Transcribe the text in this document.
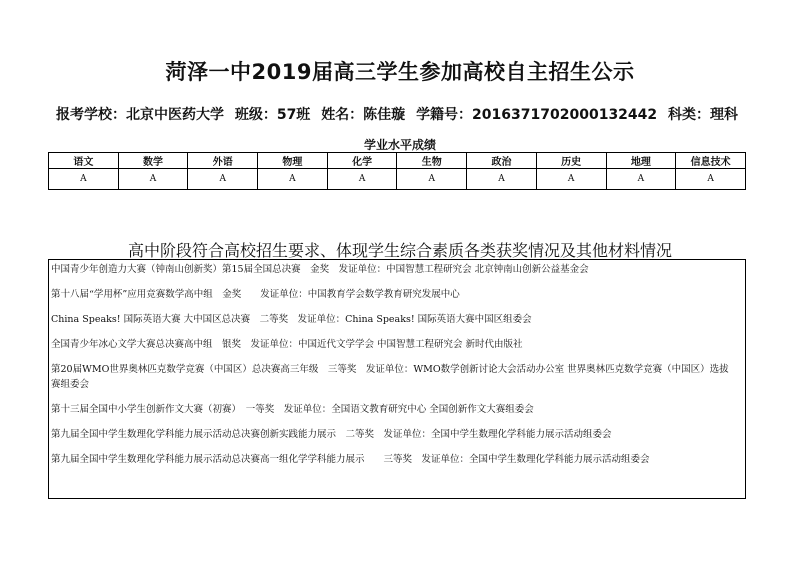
菏泽一中2019届高三学生参加高校自主招生公示
报考学校：北京中医药大学 班级：57班 姓名：陈佳璇 学籍号：201637170200013244​2 科类：理科
学业水平成绩
语文	数学	外语	物理	化学	生物	政治	历史	地理	信息技术
A	A	A	A	A	A	A	A	A	A
高中阶段符合高校招生要求、体现学生综合素质各类获奖情况及其他材料情况
中国青少年创造力大赛（钟南山创新奖）第15届全国总决赛　金奖　发证单位：中国智慧工程研究会 北京钟南山创新公益基金会
第十八届“学用杯”应用竞赛数学高中组　金奖　　发证单位：中国教育学会数学教育研究发展中心
China Speaks! 国际英语大赛 大中国区总决赛　二等奖　发证单位：China Speaks! 国际英语大赛中国区组委会
全国青少年冰心文学大赛总决赛高中组　银奖　发证单位：中国近代文学学会 中国智慧工程研究会 新时代由版社
第20届WMO世界奥林匹克数学竞赛（中国区）总决赛高三年级　三等奖　发证单位：WMO数学创新讨论大会活动办公室 世界奥林匹克数学竞赛（中国区）选拔赛组委会
第十三届全国中小学生创新作文大赛（初赛）　一等奖　发证单位：全国语文教育研究中心 全国创新作文大赛组委会
第九届全国中学生数理化学科能力展示活动总决赛创新实践能力展示　二等奖　发证单位：全国中学生数理化学科能力展示活动组委会
第九届全国中学生数理化学科能力展示活动总决赛高一组化学学科能力展示　　三等奖　发证单位：全国中学生数理化学科能力展示活动组委会
